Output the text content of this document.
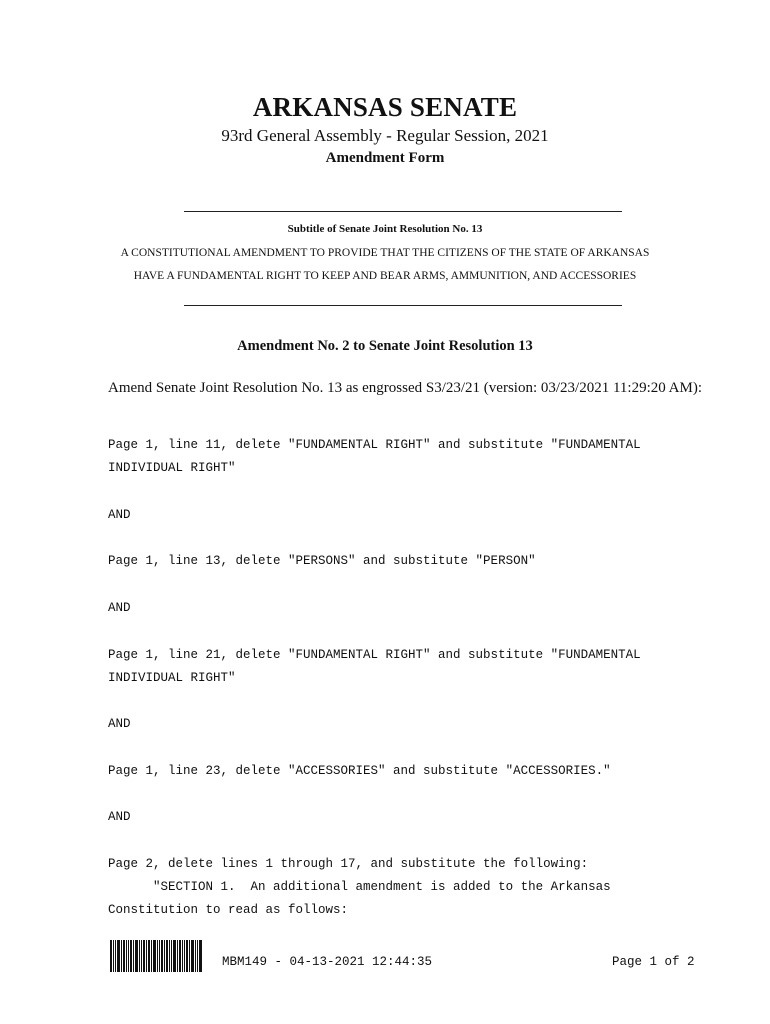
ARKANSAS SENATE
93rd General Assembly - Regular Session, 2021
Amendment Form
Subtitle of Senate Joint Resolution No. 13
A CONSTITUTIONAL AMENDMENT TO PROVIDE THAT THE CITIZENS OF THE STATE OF ARKANSAS
HAVE A FUNDAMENTAL RIGHT TO KEEP AND BEAR ARMS, AMMUNITION, AND ACCESSORIES
Amendment No. 2 to Senate Joint Resolution 13
Amend Senate Joint Resolution No. 13 as engrossed S3/23/21 (version: 03/23/2021 11:29:20 AM):
Page 1, line 11, delete "FUNDAMENTAL RIGHT" and substitute "FUNDAMENTAL
INDIVIDUAL RIGHT"
AND
Page 1, line 13, delete "PERSONS" and substitute "PERSON"
AND
Page 1, line 21, delete "FUNDAMENTAL RIGHT" and substitute "FUNDAMENTAL
INDIVIDUAL RIGHT"
AND
Page 1, line 23, delete "ACCESSORIES" and substitute "ACCESSORIES."
AND
Page 2, delete lines 1 through 17, and substitute the following:
"SECTION 1.  An additional amendment is added to the Arkansas
Constitution to read as follows:
MBM149 - 04-13-2021 12:44:35	Page 1 of 2
